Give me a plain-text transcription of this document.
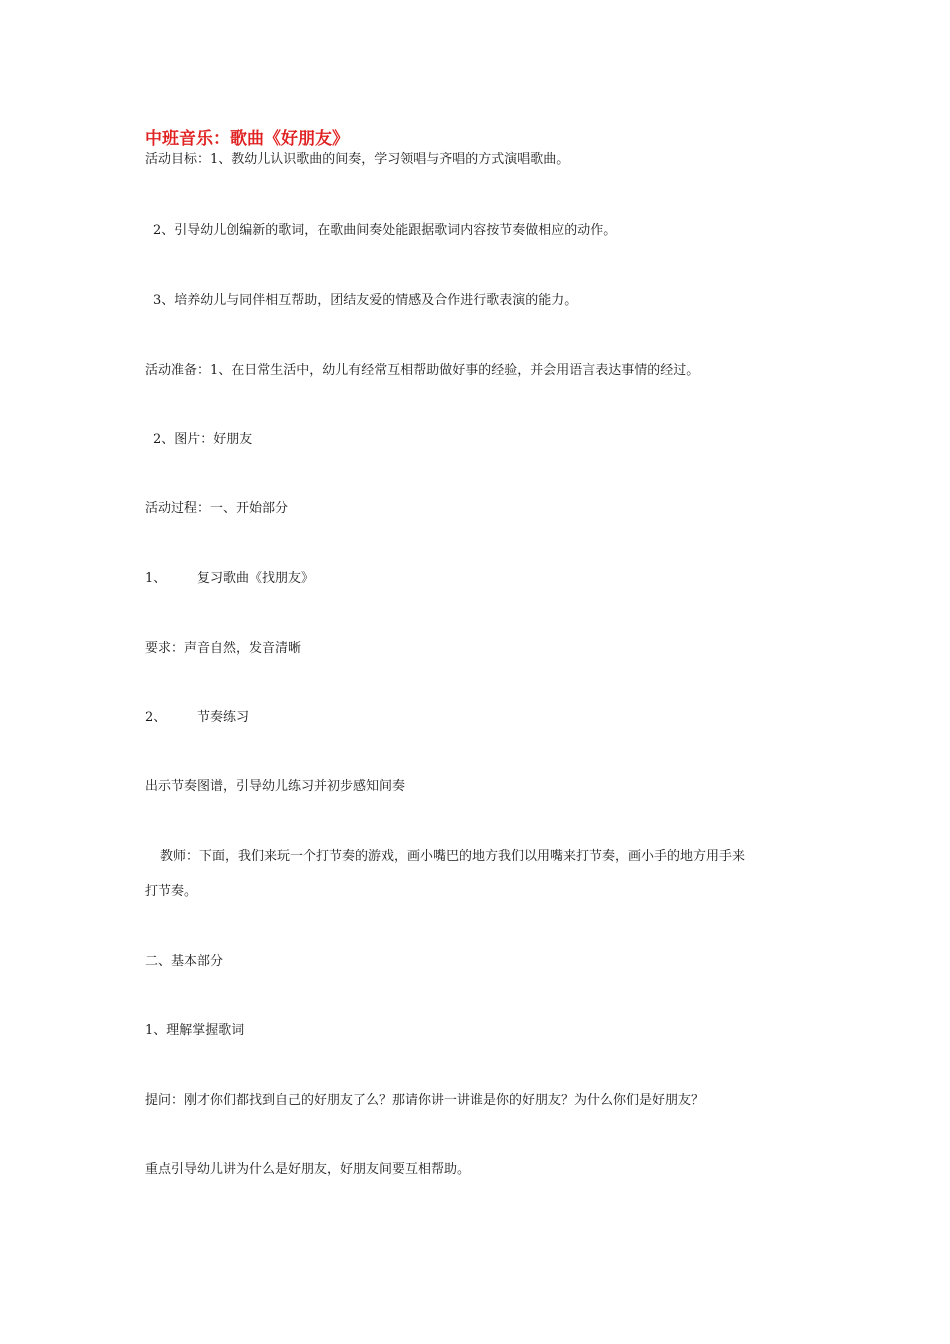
中班音乐：歌曲《好朋友》
活动目标：1、教幼儿认识歌曲的间奏，学习领唱与齐唱的方式演唱歌曲。
2、引导幼儿创编新的歌词，在歌曲间奏处能跟据歌词内容按节奏做相应的动作。
3、培养幼儿与同伴相互帮助，团结友爱的情感及合作进行歌表演的能力。
活动准备：1、在日常生活中，幼儿有经常互相帮助做好事的经验，并会用语言表达事情的经过。
2、图片：好朋友
活动过程：一、开始部分
1、 复习歌曲《找朋友》
要求：声音自然，发音清晰
2、 节奏练习
出示节奏图谱，引导幼儿练习并初步感知间奏
教师：下面，我们来玩一个打节奏的游戏，画小嘴巴的地方我们以用嘴来打节奏，画小手的地方用手来
打节奏。
二、基本部分
1、理解掌握歌词
提问：刚才你们都找到自己的好朋友了么？那请你讲一讲谁是你的好朋友？为什么你们是好朋友？
重点引导幼儿讲为什么是好朋友，好朋友间要互相帮助。
